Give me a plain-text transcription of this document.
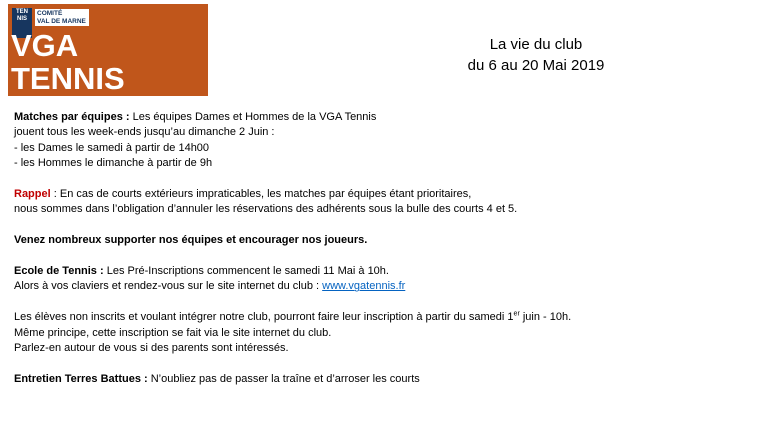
TEN
NIS
COMITÉ
VAL DE MARNE
VGA
TENNIS
La vie du club
du 6 au 20 Mai 2019

Matches par équipes : Les équipes Dames et Hommes de la VGA Tennis

jouent tous les week-ends jusqu’au dimanche 2 Juin :

- les Dames le samedi à partir de 14h00

- les Hommes le dimanche à partir de 9h

Rappel : En cas de courts extérieurs impraticables, les matches par équipes étant prioritaires,

nous sommes dans l’obligation d’annuler les réservations des adhérents sous la bulle des courts 4 et 5.

Venez nombreux supporter nos équipes et encourager nos joueurs.

Ecole de Tennis : Les Pré-Inscriptions commencent le samedi 11 Mai à 10h.

Alors à vos claviers et rendez-vous sur le site internet du club : www.vgatennis.fr

Les élèves non inscrits et voulant intégrer notre club, pourront faire leur inscription à partir du samedi 1er juin - 10h.

Même principe, cette inscription se fait via le site internet du club.

Parlez-en autour de vous si des parents sont intéressés.

Entretien Terres Battues : N’oubliez pas de passer la traîne et d’arroser les courts
